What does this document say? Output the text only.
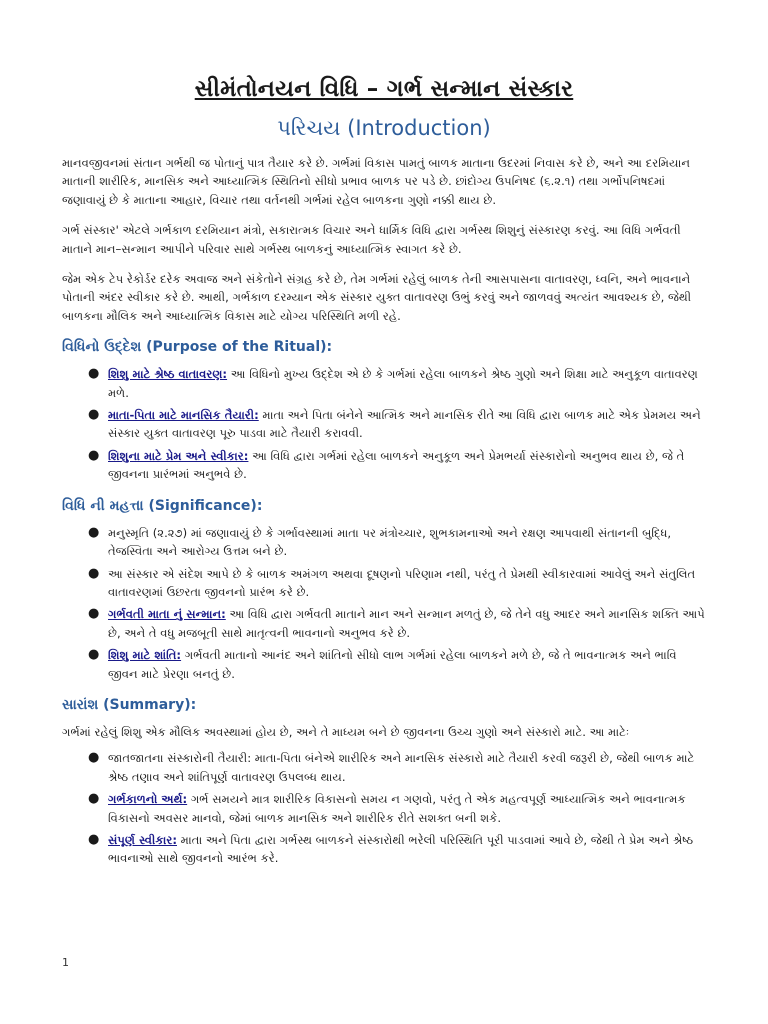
સીમંતોનયન વિધિ – ગર્ભ સન્માન સંસ્કાર
પરિચય (Introduction)

માનવજીવનમાં સંતાન ગર્ભથી જ પોતાનું પાત્ર તૈયાર કરે છે. ગર્ભમાં વિકાસ પામતું બાળક માતાના ઉદરમાં નિવાસ કરે છે, અને આ દરમિયાન માતાની શારીરિક, માનસિક અને આધ્યાત્મિક સ્થિતિનો સીધો પ્રભાવ બાળક પર પડે છે. છાંદોગ્ય ઉપનિષદ (૬.૨.૧) તથા ગર્ભોપનિષદમાં જણાવાયું છે કે માતાના આહાર, વિચાર તથા વર્તનથી ગર્ભમાં રહેલ બાળકના ગુણો નક્કી થાય છે.

ગર્ભ સંસ્કાર' એટલે ગર્ભકાળ દરમિયાન મંત્રો, સકારાત્મક વિચાર અને ધાર્મિક વિધિ દ્વારા ગર્ભસ્થ શિશુનું સંસ્કારણ કરવું. આ વિધિ ગર્ભવતી માતાને માન–સન્માન આપીને પરિવાર સાથે ગર્ભસ્થ બાળકનું આધ્યાત્મિક સ્વાગત કરે છે.

જેમ એક ટેપ રેકોર્ડર દરેક અવાજ અને સંકેતોને સંગ્રહ કરે છે, તેમ ગર્ભમાં રહેલું બાળક તેની આસપાસના વાતાવરણ, ધ્વનિ, અને ભાવનાને પોતાની અંદર સ્વીકાર કરે છે. આથી, ગર્ભકાળ દરમ્યાન એક સંસ્કાર યુક્ત વાતાવરણ ઉભું કરવું અને જાળવવું અત્યંત આવશ્યક છે, જેથી બાળકના મૌલિક અને આધ્યાત્મિક વિકાસ માટે યોગ્ય પરિસ્થિતિ મળી રહે.

વિધિનો ઉદ્દેશ (Purpose of the Ritual):
● શિશુ માટે શ્રેષ્ઠ વાતાવરણ: આ વિધિનો મુખ્ય ઉદ્દેશ એ છે કે ગર્ભમાં રહેલા બાળકને શ્રેષ્ઠ ગુણો અને શિક્ષા માટે અનુકૂળ વાતાવરણ મળે.
● માતા-પિતા માટે માનસિક તૈયારી: માતા અને પિતા બંનેને આત્મિક અને માનસિક રીતે આ વિધિ દ્વારા બાળક માટે એક પ્રેમમય અને સંસ્કાર યુક્ત વાતાવરણ પૂરુ પાડવા માટે તૈયારી કરાવવી.
● શિશુના માટે પ્રેમ અને સ્વીકાર: આ વિધિ દ્વારા ગર્ભમાં રહેલા બાળકને અનુકૂળ અને પ્રેમભર્યા સંસ્કારોનો અનુભવ થાય છે, જે તે જીવનના પ્રારંભમાં અનુભવે છે.
વિધિ ની મહત્તા (Significance):
● મનુસ્મૃતિ (૨.૨૭) માં જણાવાયું છે કે ગર્ભાવસ્થામાં માતા પર મંત્રોચ્ચાર, શુભકામનાઓ અને રક્ષણ આપવાથી સંતાનની બુદ્ધિ, તેજસ્વિતા અને આરોગ્ય ઉત્તમ બને છે.
● આ સંસ્કાર એ સંદેશ આપે છે કે બાળક અમંગળ અથવા દૂષણનો પરિણામ નથી, પરંતુ તે પ્રેમથી સ્વીકારવામાં આવેલું અને સંતુલિત વાતાવરણમાં ઉછરતા જીવનનો પ્રારંભ કરે છે.
● ગર્ભવતી માતા નું સન્માન: આ વિધિ દ્વારા ગર્ભવતી માતાને માન અને સન્માન મળતું છે, જે તેને વધુ આદર અને માનસિક શક્તિ આપે છે, અને તે વધુ મજબૂતી સાથે માતૃત્વની ભાવનાનો અનુભવ કરે છે.
● શિશુ માટે શાંતિ: ગર્ભવતી માતાનો આનંદ અને શાંતિનો સીધો લાભ ગર્ભમાં રહેલા બાળકને મળે છે, જે તે ભાવનાત્મક અને ભાવિ જીવન માટે પ્રેરણા બનતું છે.
સારાંશ (Summary):

ગર્ભમાં રહેલું શિશુ એક મૌલિક અવસ્થામાં હોય છે, અને તે માધ્યમ બને છે જીવનના ઉચ્ચ ગુણો અને સંસ્કારો માટે. આ માટેઃ

● જાતજાતના સંસ્કારોની તૈયારી: માતા-પિતા બંનેએ શારીરિક અને માનસિક સંસ્કારો માટે તૈયારી કરવી જરૂરી છે, જેથી બાળક માટે શ્રેષ્ઠ તણાવ અને શાંતિપૂર્ણ વાતાવરણ ઉપલબ્ધ થાય.
● ગર્ભકાળનો અર્થ: ગર્ભ સમયને માત્ર શારીરિક વિકાસનો સમય ન ગણવો, પરંતુ તે એક મહત્વપૂર્ણ આધ્યાત્મિક અને ભાવનાત્મક વિકાસનો અવસર માનવો, જેમાં બાળક માનસિક અને શારીરિક રીતે સશક્ત બની શકે.
● સંપૂર્ણ સ્વીકાર: માતા અને પિતા દ્વારા ગર્ભસ્થ બાળકને સંસ્કારોથી ભરેલી પરિસ્થિતિ પૂરી પાડવામાં આવે છે, જેથી તે પ્રેમ અને શ્રેષ્ઠ ભાવનાઓ સાથે જીવનનો આરંભ કરે.
1
